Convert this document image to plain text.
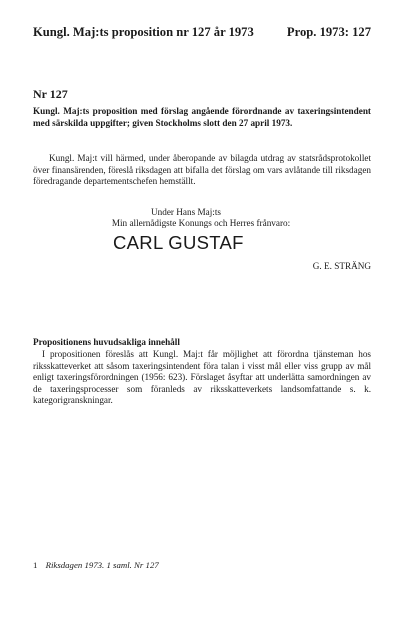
Kungl. Maj:ts proposition nr 127 år 1973	Prop. 1973: 127
Nr 127
Kungl. Maj:ts proposition med förslag angående förordnande av taxeringsintendent med särskilda uppgifter; given Stockholms slott den 27 april 1973.
Kungl. Maj:t vill härmed, under åberopande av bilagda utdrag av statsrådsprotokollet över finansärenden, föreslå riksdagen att bifalla det förslag om vars avlåtande till riksdagen föredragande departementschefen hemställt.
Under Hans Maj:ts
Min allernådigste Konungs och Herres frånvaro:
CARL GUSTAF
G. E. STRÄNG
Propositionens huvudsakliga innehåll
I propositionen föreslås att Kungl. Maj:t får möjlighet att förordna tjänsteman hos riksskatteverket att såsom taxeringsintendent föra talan i visst mål eller viss grupp av mål enligt taxeringsförordningen (1956: 623). Förslaget åsyftar att underlätta samordningen av de taxeringsprocesser som föranleds av riksskatteverkets landsomfattande s. k. kategorigranskningar.
1 Riksdagen 1973. 1 saml. Nr 127
